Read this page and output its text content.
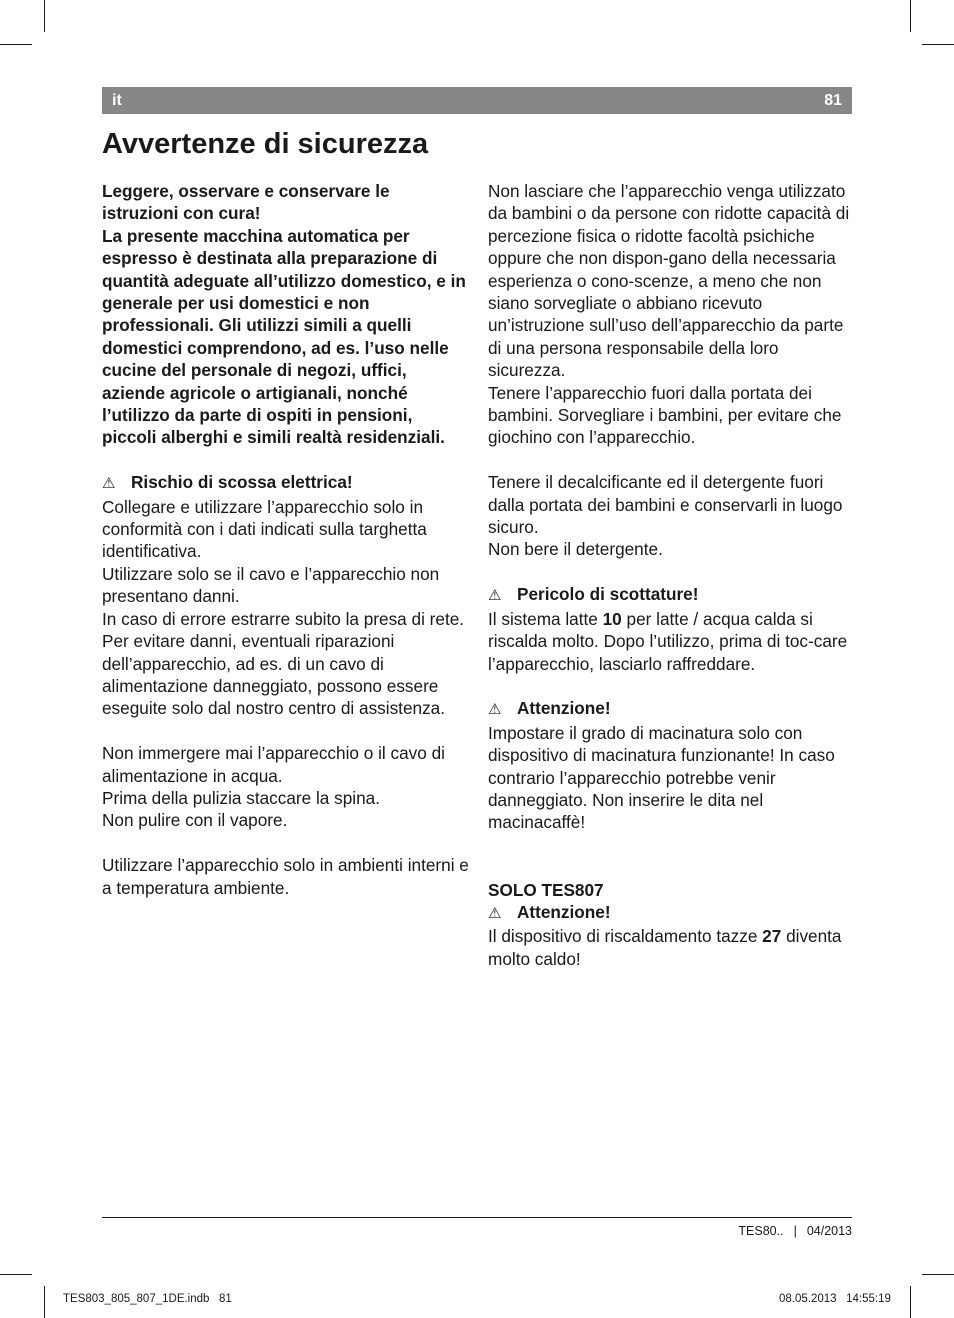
it	81
Avvertenze di sicurezza

Leggere, osservare e conservare le istruzioni con cura!

La presente macchina automatica per espresso è destinata alla preparazione di quantità adeguate all’utilizzo domestico, e in generale per usi domestici e non professionali. Gli utilizzi simili a quelli domestici comprendono, ad es. l’uso nelle cucine del personale di negozi, uffici, aziende agricole o artigianali, nonché l’utilizzo da parte di ospiti in pensioni, piccoli alberghi e simili realtà residenziali.

⚠ Rischio di scossa elettrica!

Collegare e utilizzare l’apparecchio solo in conformità con i dati indicati sulla targhetta identificativa.

Utilizzare solo se il cavo e l’apparecchio non presentano danni.

In caso di errore estrarre subito la presa di rete.

Per evitare danni, eventuali riparazioni dell’apparecchio, ad es. di un cavo di alimentazione danneggiato, possono essere eseguite solo dal nostro centro di assistenza.

Non immergere mai l’apparecchio o il cavo di alimentazione in acqua.

Prima della pulizia staccare la spina.

Non pulire con il vapore.

Utilizzare l’apparecchio solo in ambienti interni e a temperatura ambiente.

Non lasciare che l’apparecchio venga utilizzato da bambini o da persone con ridotte capacità di percezione fisica o ridotte facoltà psichiche oppure che non dispon-gano della necessaria esperienza o cono-scenze, a meno che non siano sorvegliate o abbiano ricevuto un’istruzione sull’uso dell’apparecchio da parte di una persona responsabile della loro sicurezza.

Tenere l’apparecchio fuori dalla portata dei bambini. Sorvegliare i bambini, per evitare che giochino con l’apparecchio.

Tenere il decalcificante ed il detergente fuori dalla portata dei bambini e conservarli in luogo sicuro.

Non bere il detergente.

⚠ Pericolo di scottature!

Il sistema latte 10 per latte / acqua calda si riscalda molto. Dopo l’utilizzo, prima di toc-care l’apparecchio, lasciarlo raffreddare.

⚠ Attenzione!

Impostare il grado di macinatura solo con dispositivo di macinatura funzionante! In caso contrario l’apparecchio potrebbe venir danneggiato. Non inserire le dita nel macinacaffè!

SOLO TES807

⚠ Attenzione!

Il dispositivo di riscaldamento tazze 27 diventa molto caldo!

TES80.. | 04/2013
TES803_805_807_1DE.indb   81	08.05.2013   14:55:19
